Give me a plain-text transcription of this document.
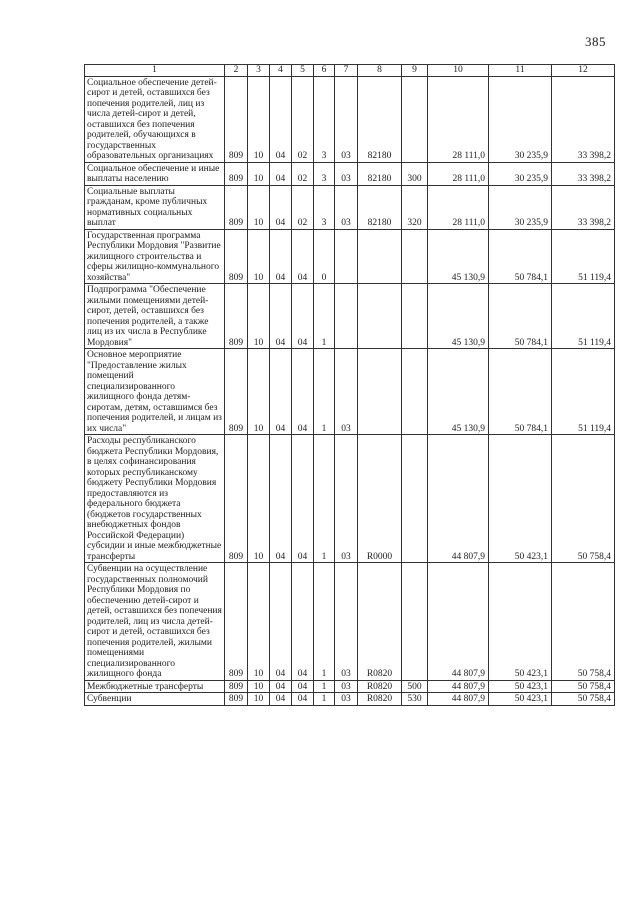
385
1	2	3	4	5	6	7	8	9	10	11	12
Социальное обеспечение детей-сирот и детей, оставшихся без попечения родителей, лиц из числа детей-сирот и детей, оставшихся без попечения родителей, обучающихся в государственных образовательных организациях	809	10	04	02	3	03	82180		28 111,0	30 235,9	33 398,2
Социальное обеспечение и иные выплаты населению	809	10	04	02	3	03	82180	300	28 111,0	30 235,9	33 398,2
Социальные выплаты гражданам, кроме публичных нормативных социальных выплат	809	10	04	02	3	03	82180	320	28 111,0	30 235,9	33 398,2
Государственная программа Республики Мордовия "Развитие жилищного строительства и сферы жилищно-коммунального хозяйства"	809	10	04	04	0				45 130,9	50 784,1	51 119,4
Подпрограмма "Обеспечение жилыми помещениями детей-сирот, детей, оставшихся без попечения родителей, а также лиц из их числа в Республике Мордовия"	809	10	04	04	1				45 130,9	50 784,1	51 119,4
Основное мероприятие "Предоставление жилых помещений специализированного жилищного фонда детям-сиротам, детям, оставшимся без попечения родителей, и лицам из их числа"	809	10	04	04	1	03			45 130,9	50 784,1	51 119,4
Расходы республиканского бюджета Республики Мордовия, в целях софинансирования которых республиканскому бюджету Республики Мордовия предоставляются из федерального бюджета (бюджетов государственных внебюджетных фондов Российской Федерации) субсидии и иные межбюджетные трансферты	809	10	04	04	1	03	R0000		44 807,9	50 423,1	50 758,4
Субвенции на осуществление государственных полномочий Республики Мордовия по обеспечению детей-сирот и детей, оставшихся без попечения родителей, лиц из числа детей-сирот и детей, оставшихся без попечения родителей, жилыми помещениями специализированного жилищного фонда	809	10	04	04	1	03	R0820		44 807,9	50 423,1	50 758,4
Межбюджетные трансферты	809	10	04	04	1	03	R0820	500	44 807,9	50 423,1	50 758,4
Субвенции	809	10	04	04	1	03	R0820	530	44 807,9	50 423,1	50 758,4
